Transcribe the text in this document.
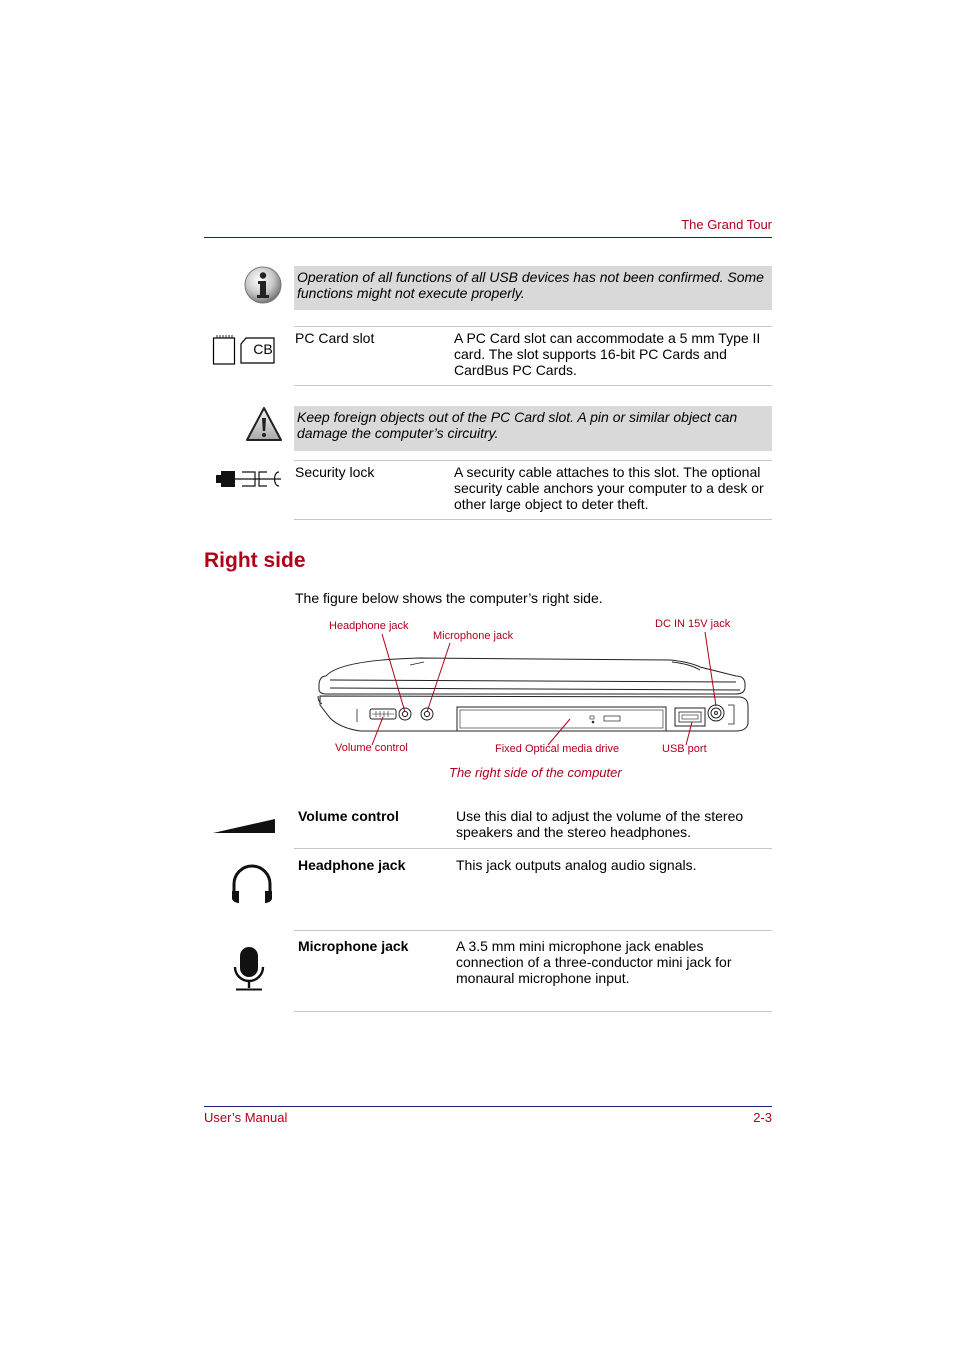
The Grand Tour
Operation of all functions of all USB devices has not been confirmed. Some functions might not execute properly.
CB
PC Card slot	A PC Card slot can accommodate a 5 mm Type II card. The slot supports 16-bit PC Cards and CardBus PC Cards.
Keep foreign objects out of the PC Card slot. A pin or similar object can damage the computer’s circuitry.
Security lock	A security cable attaches to this slot. The optional security cable anchors your computer to a desk or other large object to deter theft.
Right side
The figure below shows the computer’s right side.
Headphone jack
Microphone jack
DC IN 15V jack
Volume control	Fixed Optical media drive	USB port
The right side of the computer
Volume control	Use this dial to adjust the volume of the stereo speakers and the stereo headphones.
Headphone jack	This jack outputs analog audio signals.
Microphone jack	A 3.5 mm mini microphone jack enables connection of a three-conductor mini jack for monaural microphone input.
User’s Manual	2-3
